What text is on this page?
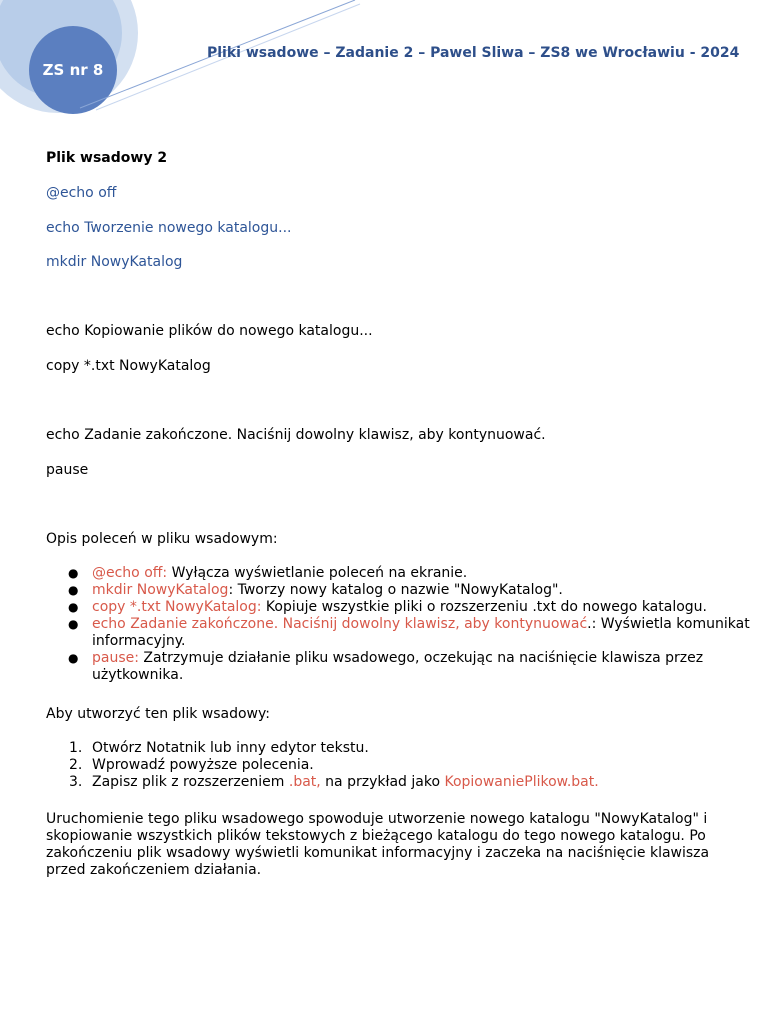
ZS nr 8
Pliki wsadowe – Zadanie 2 – Pawel Sliwa – ZS8 we Wrocławiu - 2024

Plik wsadowy 2

@echo off

echo Tworzenie nowego katalogu...

mkdir NowyKatalog

echo Kopiowanie plików do nowego katalogu...

copy *.txt NowyKatalog

echo Zadanie zakończone. Naciśnij dowolny klawisz, aby kontynuować.

pause

Opis poleceń w pliku wsadowym:

● @echo off: Wyłącza wyświetlanie poleceń na ekranie.
● mkdir NowyKatalog: Tworzy nowy katalog o nazwie "NowyKatalog".
● copy *.txt NowyKatalog: Kopiuje wszystkie pliki o rozszerzeniu .txt do nowego katalogu.
● echo Zadanie zakończone. Naciśnij dowolny klawisz, aby kontynuować.: Wyświetla komunikat informacyjny.
● pause: Zatrzymuje działanie pliku wsadowego, oczekując na naciśnięcie klawisza przez użytkownika.

Aby utworzyć ten plik wsadowy:

1. Otwórz Notatnik lub inny edytor tekstu.
2. Wprowadź powyższe polecenia.
3. Zapisz plik z rozszerzeniem .bat, na przykład jako KopiowaniePlikow.bat.

Uruchomienie tego pliku wsadowego spowoduje utworzenie nowego katalogu "NowyKatalog" i skopiowanie wszystkich plików tekstowych z bieżącego katalogu do tego nowego katalogu. Po zakończeniu plik wsadowy wyświetli komunikat informacyjny i zaczeka na naciśnięcie klawisza przed zakończeniem działania.
